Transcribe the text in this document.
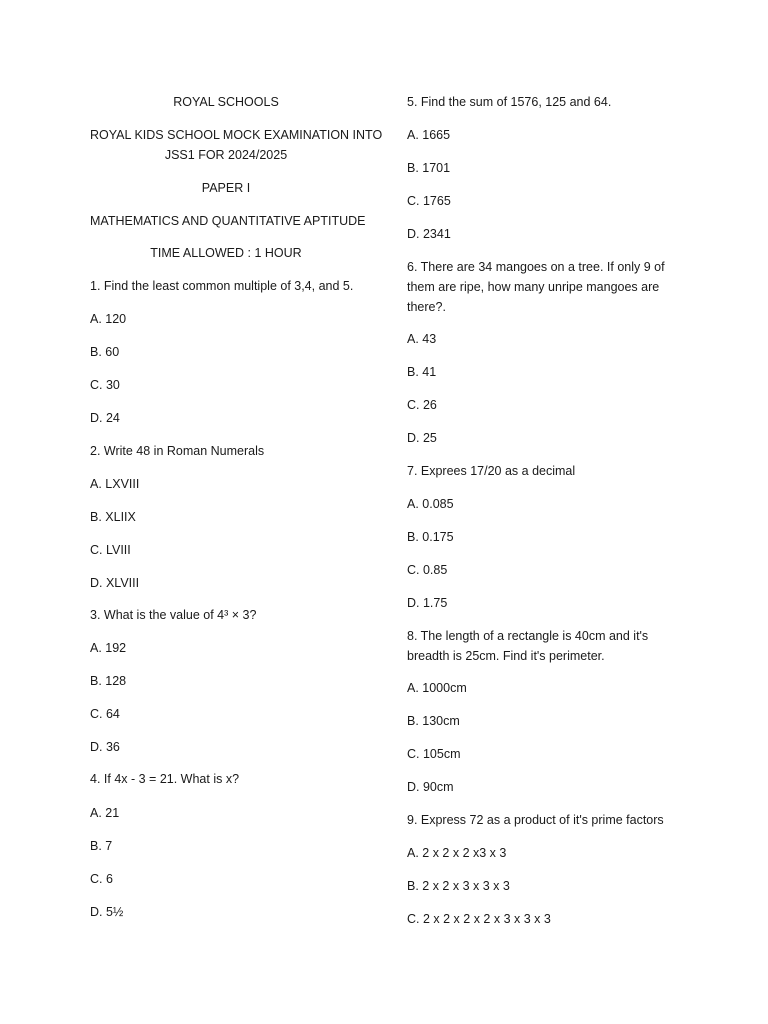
ROYAL SCHOOLS
ROYAL KIDS SCHOOL MOCK EXAMINATION INTO
JSS1 FOR 2024/2025
PAPER I
MATHEMATICS AND QUANTITATIVE APTITUDE
TIME ALLOWED : 1 HOUR
1. Find the least common multiple of 3,4, and 5.
A. 120
B. 60
C. 30
D. 24
2. Write 48 in Roman Numerals
A. LXVIII
B. XLIIX
C. LVIII
D. XLVIII
3. What is the value of 4³ × 3?
A. 192
B. 128
C. 64
D. 36
4. If 4x - 3 = 21. What is x?
A. 21
B. 7
C. 6
D. 5½
5. Find the sum of 1576, 125 and 64.
A. 1665
B. 1701
C. 1765
D. 2341
6. There are 34 mangoes on a tree. If only 9 of
them are ripe, how many unripe mangoes are
there?.
A. 43
B. 41
C. 26
D. 25
7. Exprees 17/20 as a decimal
A. 0.085
B. 0.175
C. 0.85
D. 1.75
8. The length of a rectangle is 40cm and it's
breadth is 25cm. Find it's perimeter.
A. 1000cm
B. 130cm
C. 105cm
D. 90cm
9. Express 72 as a product of it's prime factors
A. 2 x 2 x 2 x3 x 3
B. 2 x 2 x 3 x 3 x 3
C. 2 x 2 x 2 x 2 x 3 x 3 x 3
